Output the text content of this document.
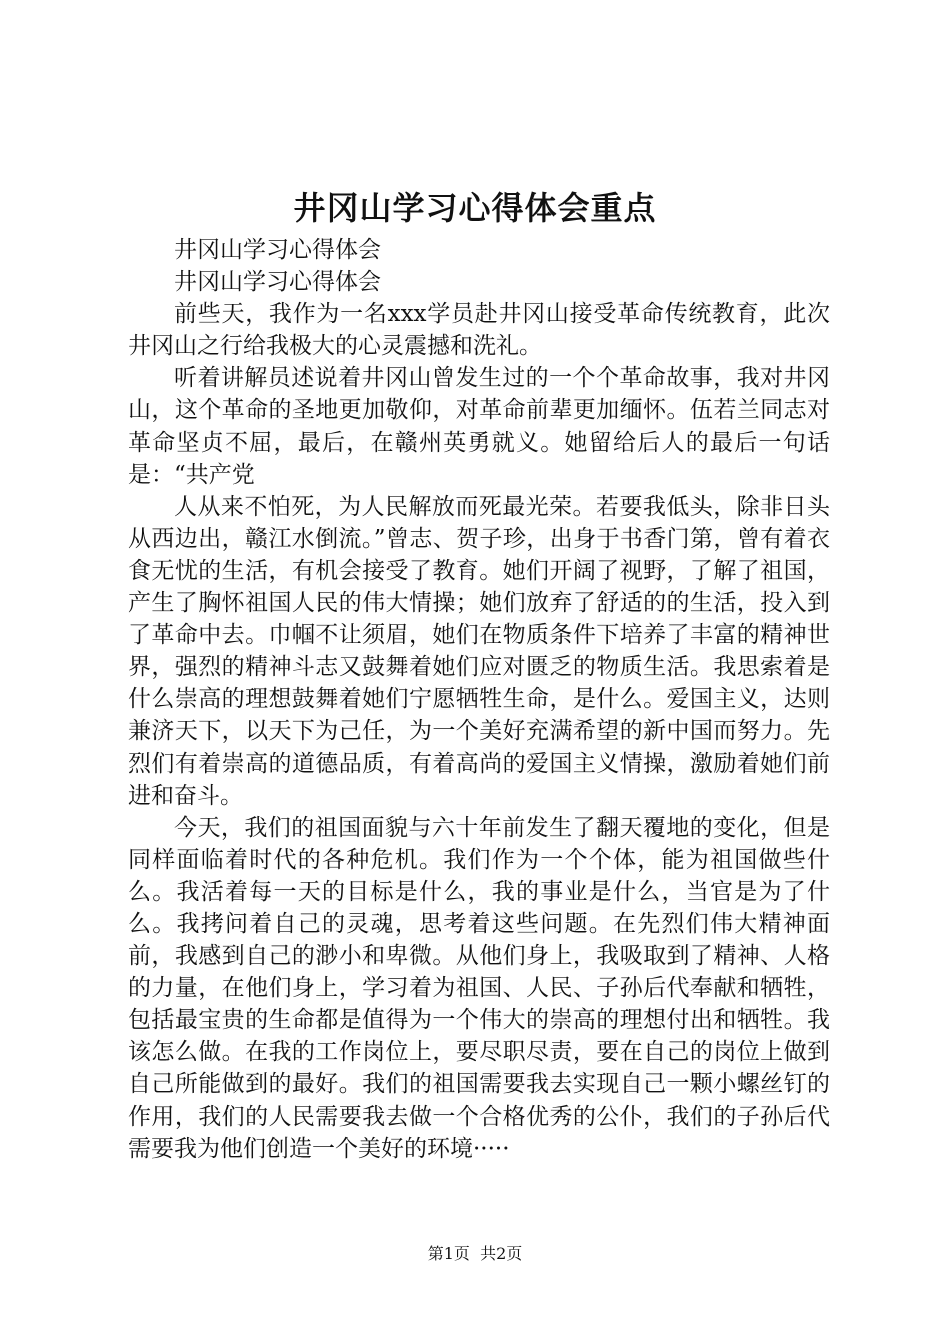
井冈山学习心得体会重点

井冈山学习心得体会

井冈山学习心得体会

前些天，我作为一名xxx学员赴井冈山接受革命传统教育，此次井冈山之行给我极大的心灵震撼和洗礼。

听着讲解员述说着井冈山曾发生过的一个个革命故事，我对井冈山，这个革命的圣地更加敬仰，对革命前辈更加缅怀。伍若兰同志对革命坚贞不屈，最后，在赣州英勇就义。她留给后人的最后一句话是：“共产党

人从来不怕死，为人民解放而死最光荣。若要我低头，除非日头从西边出，赣江水倒流。”曾志、贺子珍，出身于书香门第，曾有着衣食无忧的生活，有机会接受了教育。她们开阔了视野，了解了祖国，产生了胸怀祖国人民的伟大情操；她们放弃了舒适的的生活，投入到了革命中去。巾帼不让须眉，她们在物质条件下培养了丰富的精神世界，强烈的精神斗志又鼓舞着她们应对匮乏的物质生活。我思索着是什么崇高的理想鼓舞着她们宁愿牺牲生命，是什么。爱国主义，达则兼济天下，以天下为己任，为一个美好充满希望的新中国而努力。先烈们有着崇高的道德品质，有着高尚的爱国主义情操，激励着她们前进和奋斗。

今天，我们的祖国面貌与六十年前发生了翻天覆地的变化，但是同样面临着时代的各种危机。我们作为一个个体，能为祖国做些什么。我活着每一天的目标是什么，我的事业是什么，当官是为了什么。我拷问着自己的灵魂，思考着这些问题。在先烈们伟大精神面前，我感到自己的渺小和卑微。从他们身上，我吸取到了精神、人格的力量，在他们身上，学习着为祖国、人民、子孙后代奉献和牺牲，包括最宝贵的生命都是值得为一个伟大的崇高的理想付出和牺牲。我该怎么做。在我的工作岗位上，要尽职尽责，要在自己的岗位上做到自己所能做到的最好。我们的祖国需要我去实现自己一颗小螺丝钉的作用，我们的人民需要我去做一个合格优秀的公仆，我们的子孙后代需要我为他们创造一个美好的环境·····

第1页 共2页
